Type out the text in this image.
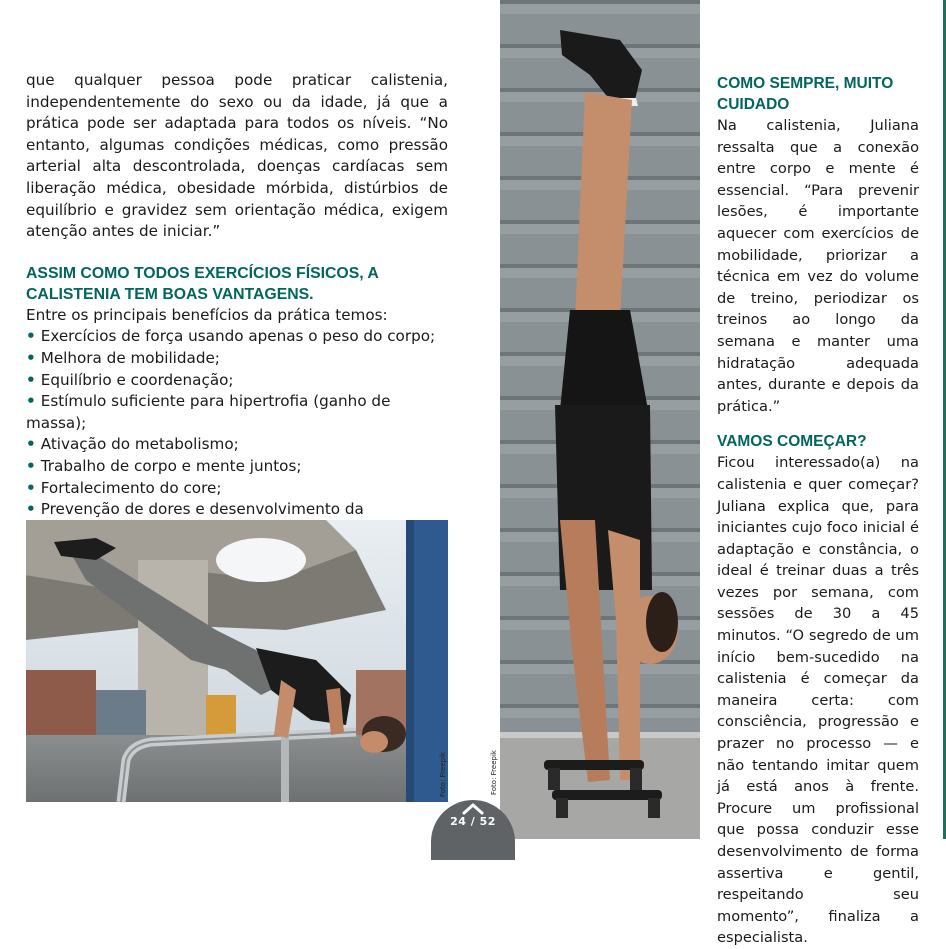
que qualquer pessoa pode praticar calistenia, independentemente do sexo ou da idade, já que a prática pode ser adaptada para todos os níveis. “No entanto, algumas condições médicas, como pressão arterial alta descontrolada, doenças cardíacas sem liberação médica, obesidade mórbida, distúrbios de equilíbrio e gravidez sem orientação médica, exigem atenção antes de iniciar.”

ASSIM COMO TODOS EXERCÍCIOS FÍSICOS, A CALISTENIA TEM BOAS VANTAGENS.

Entre os principais benefícios da prática temos:

• Exercícios de força usando apenas o peso do corpo;
• Melhora de mobilidade;
• Equilíbrio e coordenação;
• Estímulo suficiente para hipertrofia (ganho de massa);
• Ativação do metabolismo;
• Trabalho de corpo e mente juntos;
• Fortalecimento do core;
• Prevenção de dores e desenvolvimento da
Foto: Freepik	Foto: Freepik
COMO SEMPRE, MUITO CUIDADO

Na calistenia, Juliana ressalta que a conexão entre corpo e mente é essencial. “Para prevenir lesões, é importante aquecer com exercícios de mobilidade, priorizar a técnica em vez do volume de treino, periodizar os treinos ao longo da semana e manter uma hidratação adequada antes, durante e depois da prática.”

VAMOS COMEÇAR?

Ficou interessado(a) na calistenia e quer começar? Juliana explica que, para iniciantes cujo foco inicial é adaptação e constância, o ideal é treinar duas a três vezes por semana, com sessões de 30 a 45 minutos. “O segredo de um início bem-sucedido na calistenia é começar da maneira certa: com consciência, progressão e prazer no processo — e não tentando imitar quem já está anos à frente. Procure um profissional que possa conduzir esse desenvolvimento de forma assertiva e gentil, respeitando seu momento”, finaliza a especialista.

24 / 52
